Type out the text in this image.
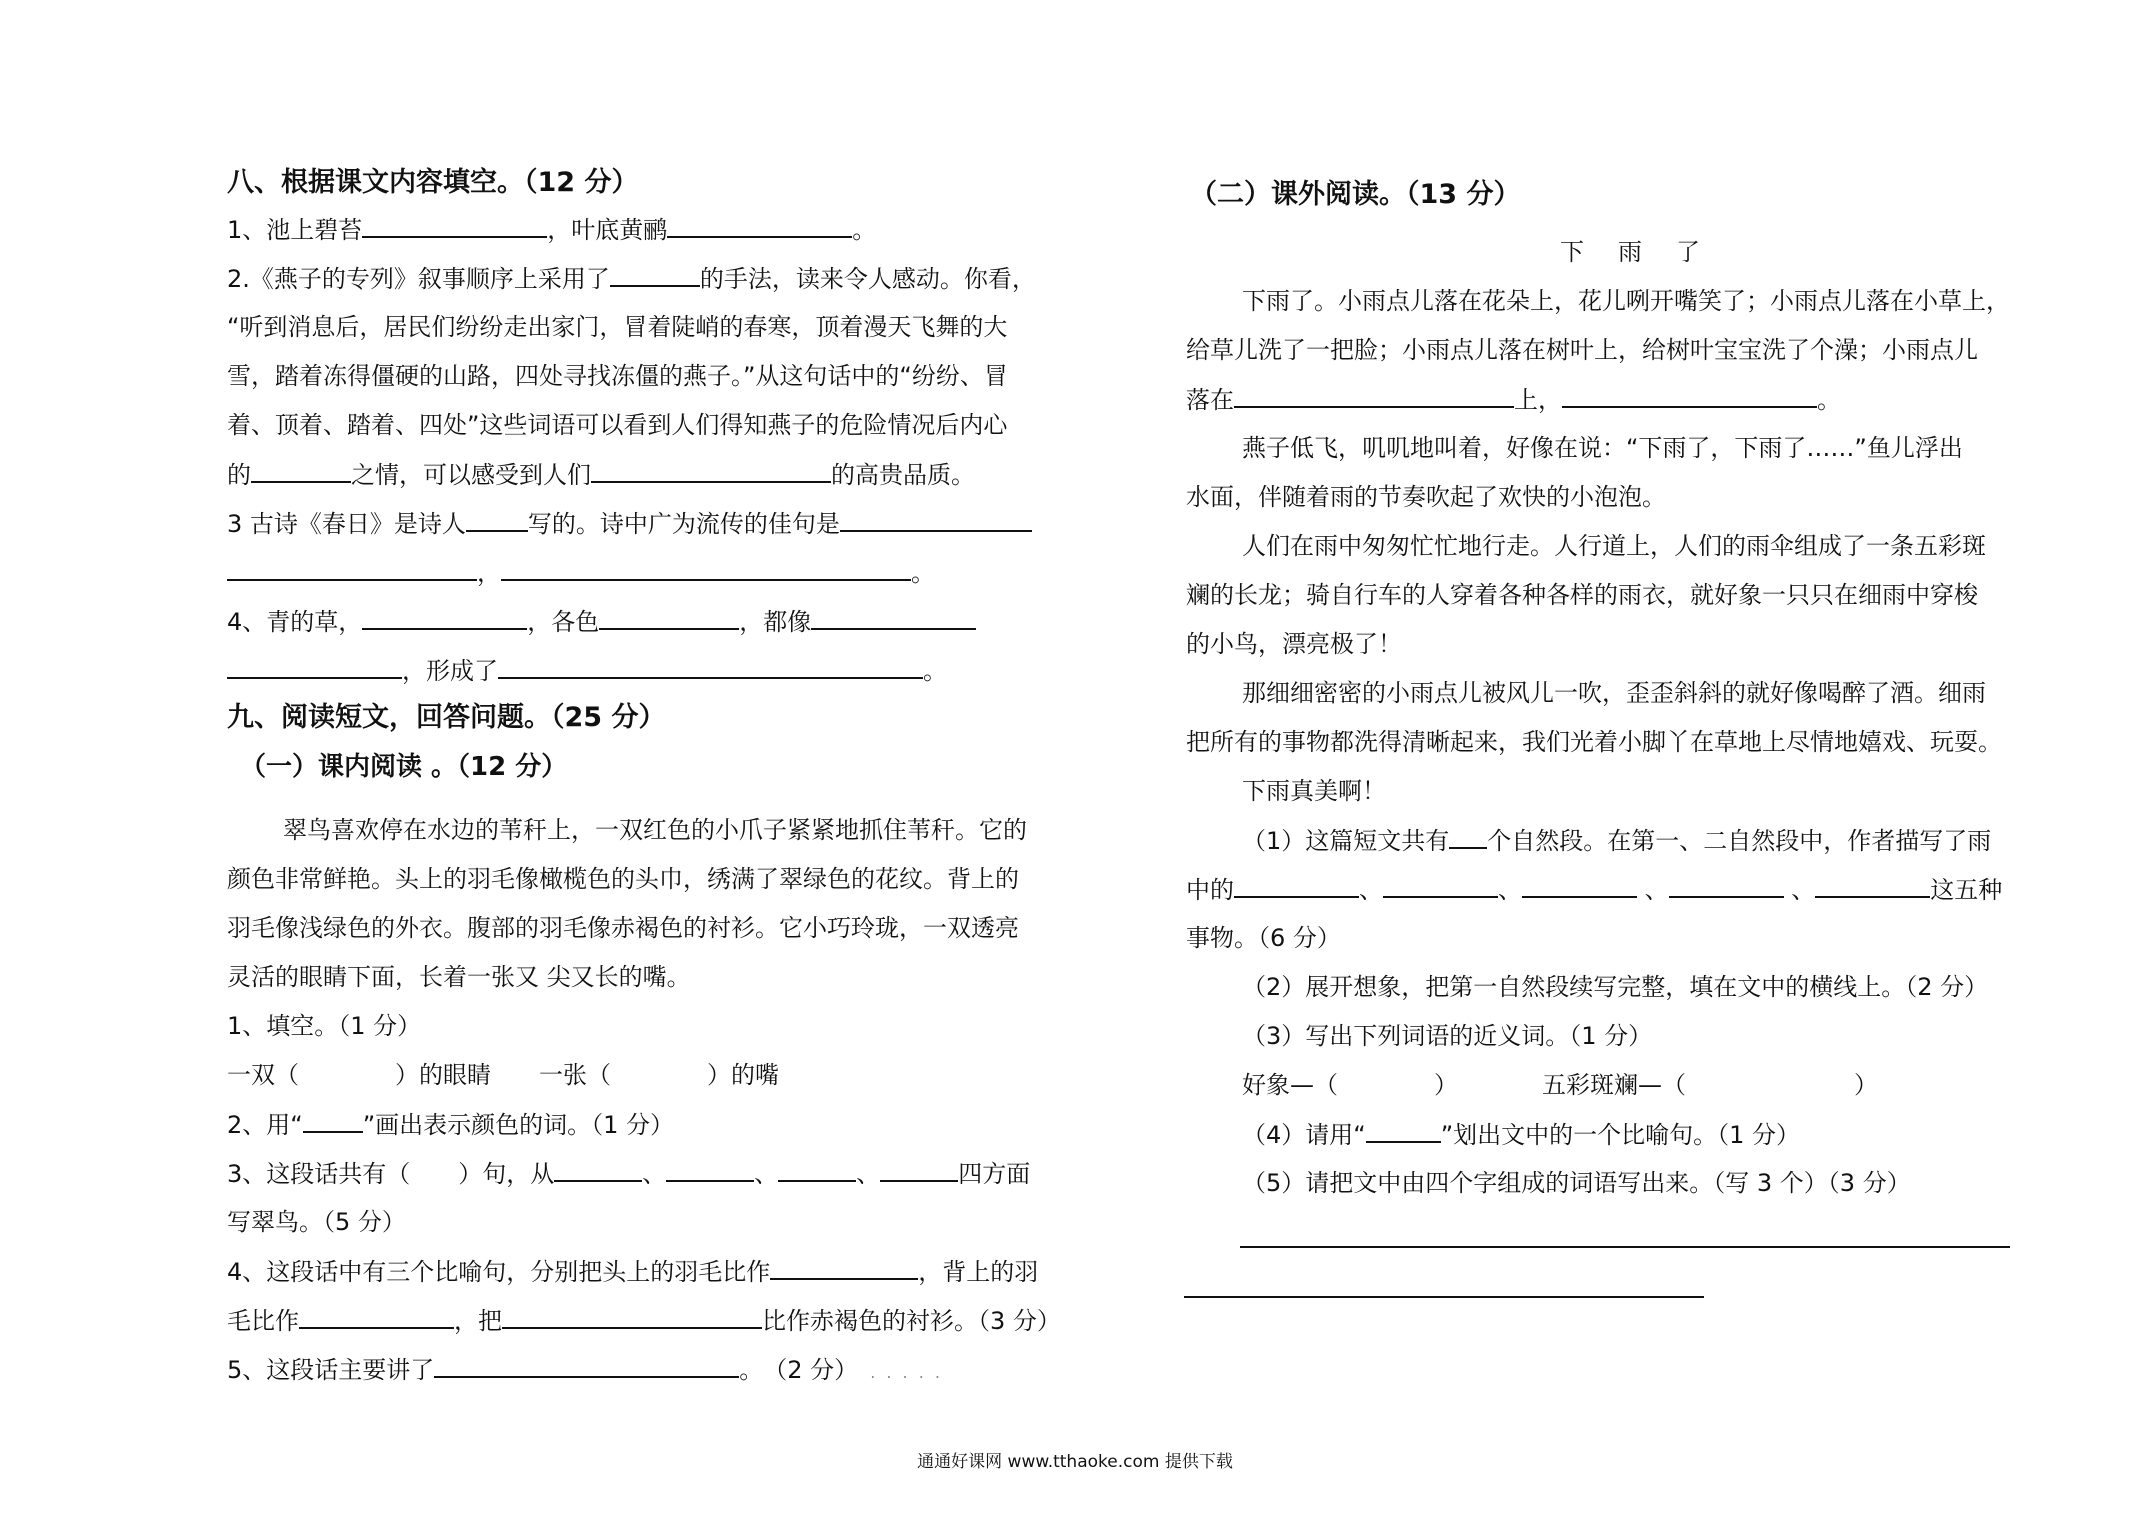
八、根据课文内容填空。（12 分）
1、池上碧苔	，叶底黄鹂	。
2.《燕子的专列》叙事顺序上采用了	的手法，读来令人感动。你看，
“听到消息后，居民们纷纷走出家门，冒着陡峭的春寒，顶着漫天飞舞的大
雪，踏着冻得僵硬的山路，四处寻找冻僵的燕子。”从这句话中的“纷纷、冒
着、顶着、踏着、四处”这些词语可以看到人们得知燕子的危险情况后内心
的	之情，可以感受到人们	的高贵品质。
3 古诗《春日》是诗人	写的。诗中广为流传的佳句是
，	。
4、青的草，	，各色	，都像
，形成了	。
九、阅读短文，回答问题。（25 分）
（一）课内阅读 。（12 分）
翠鸟喜欢停在水边的苇秆上，一双红色的小爪子紧紧地抓住苇秆。它的
颜色非常鲜艳。头上的羽毛像橄榄色的头巾，绣满了翠绿色的花纹。背上的
羽毛像浅绿色的外衣。腹部的羽毛像赤褐色的衬衫。它小巧玲珑，一双透亮
灵活的眼睛下面，长着一张又 尖又长的嘴。
1、填空。（1 分）
一双（　　　　）的眼睛　　一张（　　　　）的嘴
2、用“	”画出表示颜色的词。（1 分）
3、这段话共有（　　）句，从	、	、	、	四方面
写翠鸟。（5 分）
4、这段话中有三个比喻句，分别把头上的羽毛比作	，背上的羽
毛比作	，把	比作赤褐色的衬衫。（3 分）
5、这段话主要讲了	。　（2 分）　 . . . . .
（二）课外阅读。（13 分）
下雨了
下雨了。小雨点儿落在花朵上，花儿咧开嘴笑了；小雨点儿落在小草上，
给草儿洗了一把脸；小雨点儿落在树叶上，给树叶宝宝洗了个澡；小雨点儿
落在	上，	。
燕子低飞，叽叽地叫着，好像在说：“下雨了，下雨了……”鱼儿浮出
水面，伴随着雨的节奏吹起了欢快的小泡泡。
人们在雨中匆匆忙忙地行走。人行道上，人们的雨伞组成了一条五彩斑
斓的长龙；骑自行车的人穿着各种各样的雨衣，就好象一只只在细雨中穿梭
的小鸟，漂亮极了！
那细细密密的小雨点儿被风儿一吹，歪歪斜斜的就好像喝醉了酒。细雨
把所有的事物都洗得清晰起来，我们光着小脚丫在草地上尽情地嬉戏、玩耍。
下雨真美啊！
（1）这篇短文共有 个自然段。在第一、二自然段中，作者描写了雨
中的	、	、	、	、	这五种
事物。（6 分）
（2）展开想象，把第一自然段续写完整，填在文中的横线上。（2 分）
（3）写出下列词语的近义词。（1 分）
好象—（　　　　）　　　　五彩斑斓—（　　　　　　　）
（4）请用“	”划出文中的一个比喻句。（1 分）
（5）请把文中由四个字组成的词语写出来。（写 3 个）（3 分）
通通好课网 www.tthaoke.com 提供下载
